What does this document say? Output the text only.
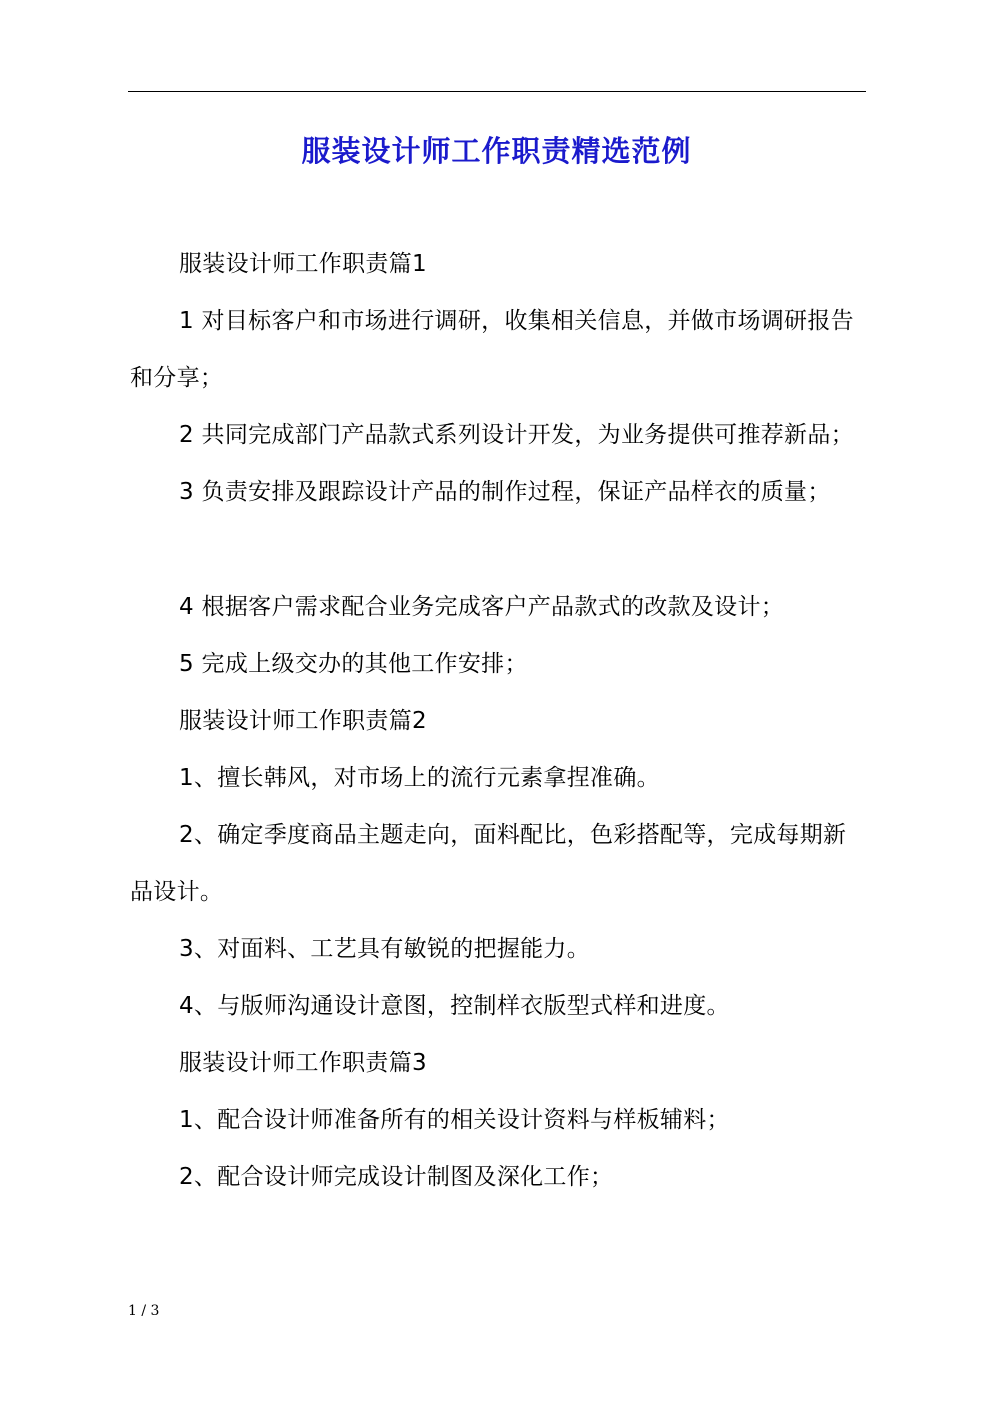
服装设计师工作职责精选范例

服装设计师工作职责篇1

1 对目标客户和市场进行调研，收集相关信息，并做市场调研报告和分享；

2 共同完成部门产品款式系列设计开发，为业务提供可推荐新品；

3 负责安排及跟踪设计产品的制作过程，保证产品样衣的质量；

4 根据客户需求配合业务完成客户产品款式的改款及设计；

5 完成上级交办的其他工作安排；

服装设计师工作职责篇2

1、擅长韩风，对市场上的流行元素拿捏准确。

2、确定季度商品主题走向，面料配比，色彩搭配等，完成每期新品设计。

3、对面料、工艺具有敏锐的把握能力。

4、与版师沟通设计意图，控制样衣版型式样和进度。

服装设计师工作职责篇3

1、配合设计师准备所有的相关设计资料与样板辅料；

2、配合设计师完成设计制图及深化工作；

1 / 3
